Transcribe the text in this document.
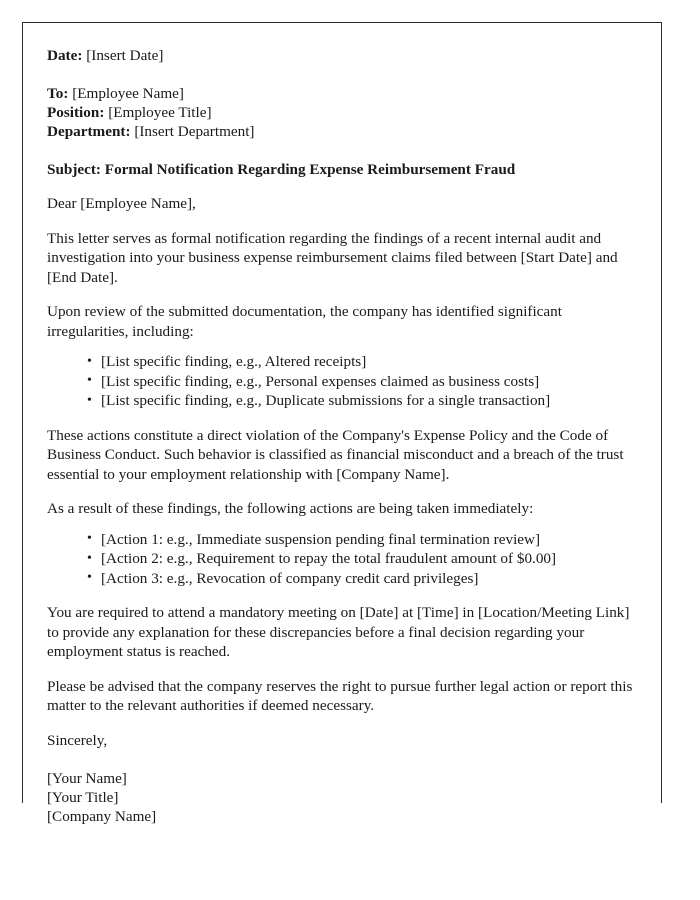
Date: [Insert Date]
To: [Employee Name]
Position: [Employee Title]
Department: [Insert Department]
Subject: Formal Notification Regarding Expense Reimbursement Fraud

Dear [Employee Name],

This letter serves as formal notification regarding the findings of a recent internal audit and investigation into your business expense reimbursement claims filed between [Start Date] and [End Date].

Upon review of the submitted documentation, the company has identified significant irregularities, including:

• [List specific finding, e.g., Altered receipts]
• [List specific finding, e.g., Personal expenses claimed as business costs]
• [List specific finding, e.g., Duplicate submissions for a single transaction]

These actions constitute a direct violation of the Company's Expense Policy and the Code of Business Conduct. Such behavior is classified as financial misconduct and a breach of the trust essential to your employment relationship with [Company Name].

As a result of these findings, the following actions are being taken immediately:

• [Action 1: e.g., Immediate suspension pending final termination review]
• [Action 2: e.g., Requirement to repay the total fraudulent amount of $0.00]
• [Action 3: e.g., Revocation of company credit card privileges]

You are required to attend a mandatory meeting on [Date] at [Time] in [Location/Meeting Link] to provide any explanation for these discrepancies before a final decision regarding your employment status is reached.

Please be advised that the company reserves the right to pursue further legal action or report this matter to the relevant authorities if deemed necessary.

Sincerely,

[Your Name]
[Your Title]
[Company Name]
